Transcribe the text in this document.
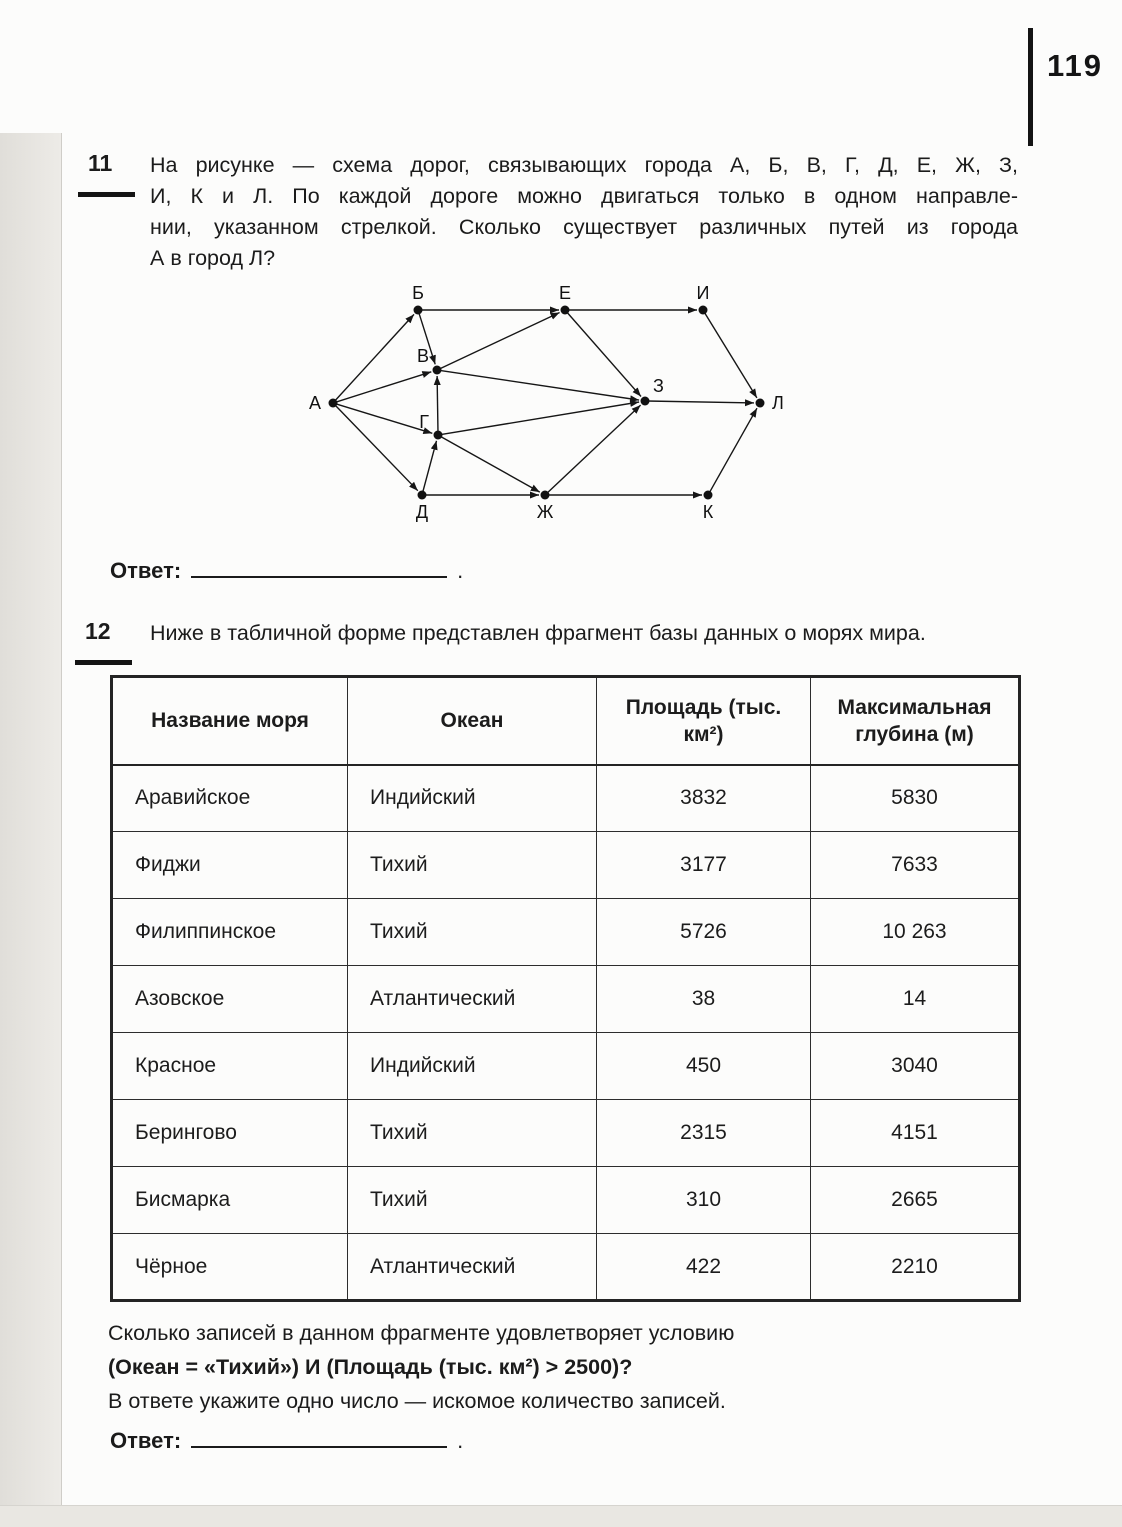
119
11 На рисунке — схема дорог, связывающих города А, Б, В, Г, Д, Е, Ж, З,
И, К и Л. По каждой дороге можно двигаться только в одном направле-
нии, указанном стрелкой. Сколько существует различных путей из города
А в город Л?
А
Б
В
Г
Д
Е
Ж
З
И
К
Л
Ответ:	.
12 Ниже в табличной форме представлен фрагмент базы данных о морях мира.
Название моря	Океан	Площадь (тыс. км²)	Максимальная глубина (м)
Аравийское	Индийский	3832	5830
Фиджи	Тихий	3177	7633
Филиппинское	Тихий	5726	10 263
Азовское	Атлантический	38	14
Красное	Индийский	450	3040
Берингово	Тихий	2315	4151
Бисмарка	Тихий	310	2665
Чёрное	Атлантический	422	2210
Сколько записей в данном фрагменте удовлетворяет условию
(Океан = «Тихий») И (Площадь (тыс. км²) > 2500)?
В ответе укажите одно число — искомое количество записей.
Ответ:	.
